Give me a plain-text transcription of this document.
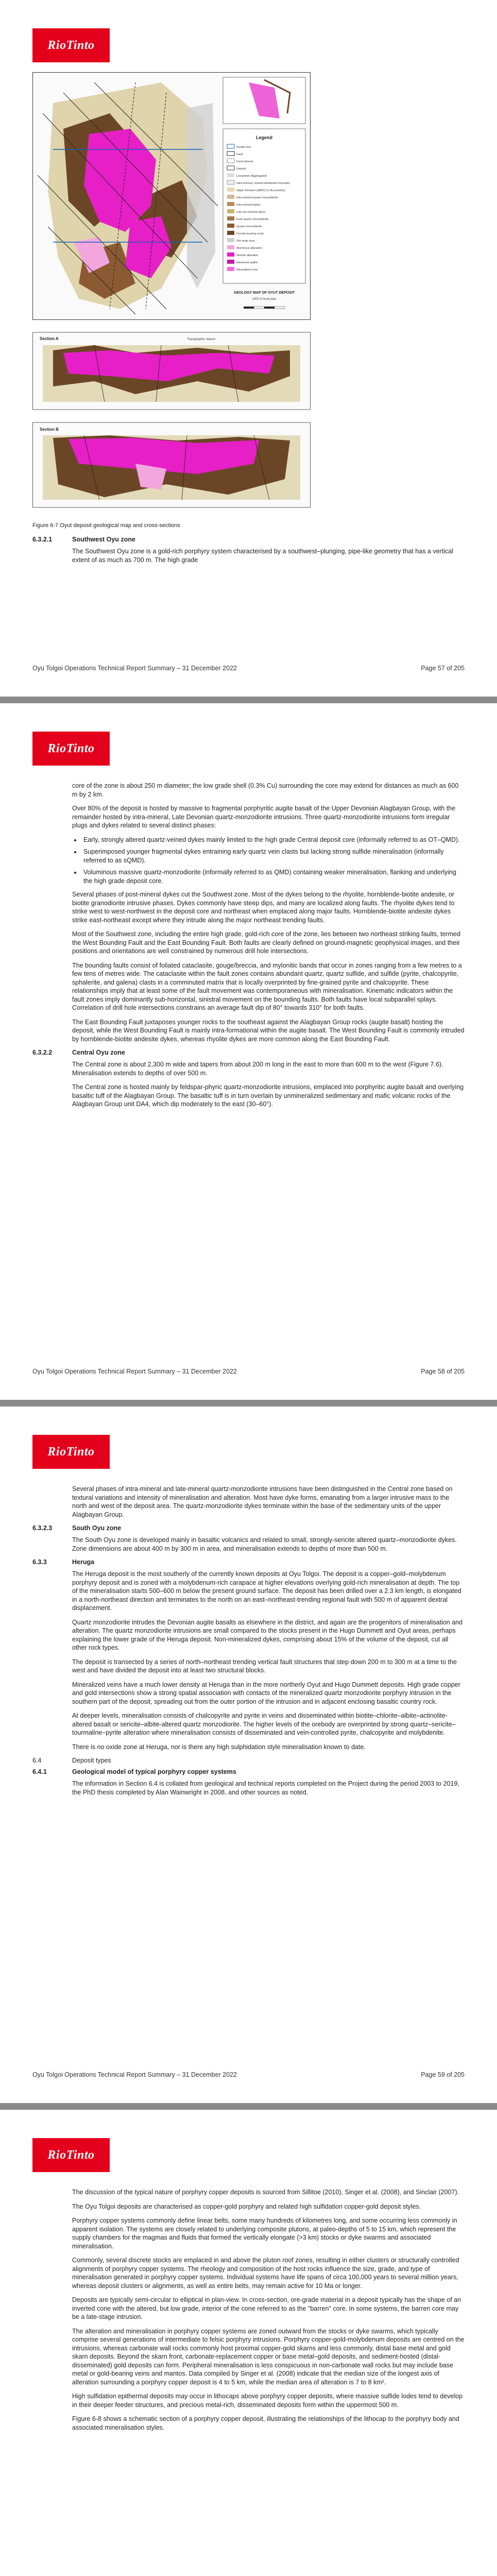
RioTinto
Legend
Section line
Fault
Fault inferred
Deposit
Lineament (Aggregated)
Intra-mineral, mineral distribution boundary
Upper Intrusive (QMD) Cu-Au porphyry
Intra-mineral quartz monzodiorite
Intra-mineral dykes
Late syn-mineral dykes
Early quartz monzodiorite
Quartz monzodiorite
Fluorite-bearing rocks
Ore body zone
Aluminous alteration
Sericite alteration
Advanced argillic
Mineralised zone
GEOLOGY MAP OF OYUT DEPOSIT
1000 m level plan
Section A	Topographic datum
Section B
Figure 6-7 Oyut deposit geological map and cross-sections
6.3.2.1	Southwest Oyu zone

The Southwest Oyu zone is a gold-rich porphyry system characterised by a southwest–plunging, pipe-like geometry that has a vertical extent of as much as 700 m. The high grade

Oyu Tolgoi Operations Technical Report Summary – 31 December 2022	Page 57 of 205
RioTinto

core of the zone is about 250 m diameter; the low grade shell (0.3% Cu) surrounding the core may extend for distances as much as 600 m by 2 km.

Over 80% of the deposit is hosted by massive to fragmental porphyritic augite basalt of the Upper Devonian Alagbayan Group, with the remainder hosted by intra-mineral, Late Devonian quartz-monzodiorite intrusions. Three quartz-monzodiorite intrusions form irregular plugs and dykes related to several distinct phases:

• Early, strongly altered quartz-veined dykes mainly limited to the high grade Central deposit core (informally referred to as OT–QMD).
• Superimposed younger fragmental dykes entraining early quartz vein clasts but lacking strong sulfide mineralisation (informally referred to as sQMD).
• Voluminous massive quartz-monzodiorite (informally referred to as QMD) containing weaker mineralisation, flanking and underlying the high grade deposit core.

Several phases of post-mineral dykes cut the Southwest zone. Most of the dykes belong to the rhyolite, hornblende-biotite andesite, or biotite granodiorite intrusive phases. Dykes commonly have steep dips, and many are localized along faults. The rhyolite dykes tend to strike west to west-northwest in the deposit core and northeast when emplaced along major faults. Hornblende-biotite andesite dykes strike east-northeast except where they intrude along the major northeast trending faults.

Most of the Southwest zone, including the entire high grade, gold-rich core of the zone, lies between two northeast striking faults, termed the West Bounding Fault and the East Bounding Fault. Both faults are clearly defined on ground-magnetic geophysical images, and their positions and orientations are well constrained by numerous drill hole intersections.

The bounding faults consist of foliated cataclasite, gouge/breccia, and mylonitic bands that occur in zones ranging from a few metres to a few tens of metres wide. The cataclasite within the fault zones contains abundant quartz, quartz sulfide, and sulfide (pyrite, chalcopyrite, sphalerite, and galena) clasts in a comminuted matrix that is locally overprinted by fine-grained pyrite and chalcopyrite. These relationships imply that at least some of the fault movement was contemporaneous with mineralisation. Kinematic indicators within the fault zones imply dominantly sub-horizontal, sinistral movement on the bounding faults. Both faults have local subparallel splays. Correlation of drill hole intersections constrains an average fault dip of 80° towards 310° for both faults.

The East Bounding Fault juxtaposes younger rocks to the southeast against the Alagbayan Group rocks (augite basalt) hosting the deposit, while the West Bounding Fault is mainly intra-formational within the augite basalt. The West Bounding Fault is commonly intruded by hornblende-biotite andesite dykes, whereas rhyolite dykes are more common along the East Bounding Fault.

6.3.2.2	Central Oyu zone

The Central zone is about 2,300 m wide and tapers from about 200 m long in the east to more than 600 m to the west (Figure 7.6). Mineralisation extends to depths of over 500 m.

The Central zone is hosted mainly by feldspar-phyric quartz-monzodiorite intrusions, emplaced into porphyritic augite basalt and overlying basaltic tuff of the Alagbayan Group. The basaltic tuff is in turn overlain by unmineralized sedimentary and mafic volcanic rocks of the Alagbayan Group unit DA4, which dip moderately to the east (30–60°).

Oyu Tolgoi Operations Technical Report Summary – 31 December 2022	Page 58 of 205
RioTinto

Several phases of intra-mineral and late-mineral quartz-monzodiorite intrusions have been distinguished in the Central zone based on textural variations and intensity of mineralisation and alteration. Most have dyke forms, emanating from a larger intrusive mass to the north and west of the deposit area. The quartz-monzodiorite dykes terminate within the base of the sedimentary units of the upper Alagbayan Group.

6.3.2.3	South Oyu zone

The South Oyu zone is developed mainly in basaltic volcanics and related to small, strongly-sericite altered quartz–monzodiorite dykes. Zone dimensions are about 400 m by 300 m in area, and mineralisation extends to depths of more than 500 m.

6.3.3	Heruga

The Heruga deposit is the most southerly of the currently known deposits at Oyu Tolgoi. The deposit is a copper–gold–molybdenum porphyry deposit and is zoned with a molybdenum-rich carapace at higher elevations overlying gold-rich mineralisation at depth. The top of the mineralisation starts 500–600 m below the present ground surface. The deposit has been drilled over a 2.3 km length, is elongated in a north-northeast direction and terminates to the north on an east–northeast-trending regional fault with 500 m of apparent dextral displacement.

Quartz monzodiorite intrudes the Devonian augite basalts as elsewhere in the district, and again are the progenitors of mineralisation and alteration. The quartz monzodiorite intrusions are small compared to the stocks present in the Hugo Dummett and Oyut areas, perhaps explaining the lower grade of the Heruga deposit. Non-mineralized dykes, comprising about 15% of the volume of the deposit, cut all other rock types.

The deposit is transected by a series of north–northeast trending vertical fault structures that step down 200 m to 300 m at a time to the west and have divided the deposit into at least two structural blocks.

Mineralized veins have a much lower density at Heruga than in the more northerly Oyut and Hugo Dummett deposits. High grade copper and gold intersections show a strong spatial association with contacts of the mineralized quartz monzodiorite porphyry intrusion in the southern part of the deposit, spreading out from the outer portion of the intrusion and in adjacent enclosing basaltic country rock.

At deeper levels, mineralisation consists of chalcopyrite and pyrite in veins and disseminated within biotite–chlorite–albite–actinolite-altered basalt or sericite–albite-altered quartz monzodiorite. The higher levels of the orebody are overprinted by strong quartz–sericite–tourmaline–pyrite alteration where mineralisation consists of disseminated and vein-controlled pyrite, chalcopyrite and molybdenite.

There is no oxide zone at Heruga, nor is there any high sulphidation style mineralisation known to date.

6.4	Deposit types
6.4.1	Geological model of typical porphyry copper systems

The information in Section 6.4 is collated from geological and technical reports completed on the Project during the period 2003 to 2019, the PhD thesis completed by Alan Wainwright in 2008, and other sources as noted.

Oyu Tolgoi Operations Technical Report Summary – 31 December 2022	Page 59 of 205
RioTinto

The discussion of the typical nature of porphyry copper deposits is sourced from Sillitoe (2010), Singer et al. (2008), and Sinclair (2007).

The Oyu Tolgoi deposits are characterised as copper-gold porphyry and related high sulfidation copper-gold deposit styles.

Porphyry copper systems commonly define linear belts, some many hundreds of kilometres long, and some occurring less commonly in apparent isolation. The systems are closely related to underlying composite plutons, at paleo-depths of 5 to 15 km, which represent the supply chambers for the magmas and fluids that formed the vertically elongate (>3 km) stocks or dyke swarms and associated mineralisation.

Commonly, several discrete stocks are emplaced in and above the pluton roof zones, resulting in either clusters or structurally controlled alignments of porphyry copper systems. The rheology and composition of the host rocks influence the size, grade, and type of mineralisation generated in porphyry copper systems. Individual systems have life spans of circa 100,000 years to several million years, whereas deposit clusters or alignments, as well as entire belts, may remain active for 10 Ma or longer.

Deposits are typically semi-circular to elliptical in plan-view. In cross-section, ore-grade material in a deposit typically has the shape of an inverted cone with the altered, but low grade, interior of the cone referred to as the "barren" core. In some systems, the barren core may be a late-stage intrusion.

The alteration and mineralisation in porphyry copper systems are zoned outward from the stocks or dyke swarms, which typically comprise several generations of intermediate to felsic porphyry intrusions. Porphyry copper-gold-molybdenum deposits are centred on the intrusions, whereas carbonate wall rocks commonly host proximal copper-gold skarns and less commonly, distal base metal and gold skarn deposits. Beyond the skarn front, carbonate-replacement copper or base metal–gold deposits, and sediment-hosted (distal-disseminated) gold deposits can form. Peripheral mineralisation is less conspicuous in non-carbonate wall rocks but may include base metal or gold-bearing veins and mantos. Data compiled by Singer et al. (2008) indicate that the median size of the longest axis of alteration surrounding a porphyry copper deposit is 4 to 5 km, while the median area of alteration is 7 to 8 km².

High sulfidation epithermal deposits may occur in lithocaps above porphyry copper deposits, where massive sulfide lodes tend to develop in their deeper feeder structures, and precious metal-rich, disseminated deposits form within the uppermost 500 m.

Figure 6-8 shows a schematic section of a porphyry copper deposit, illustrating the relationships of the lithocap to the porphyry body and associated mineralisation styles.
